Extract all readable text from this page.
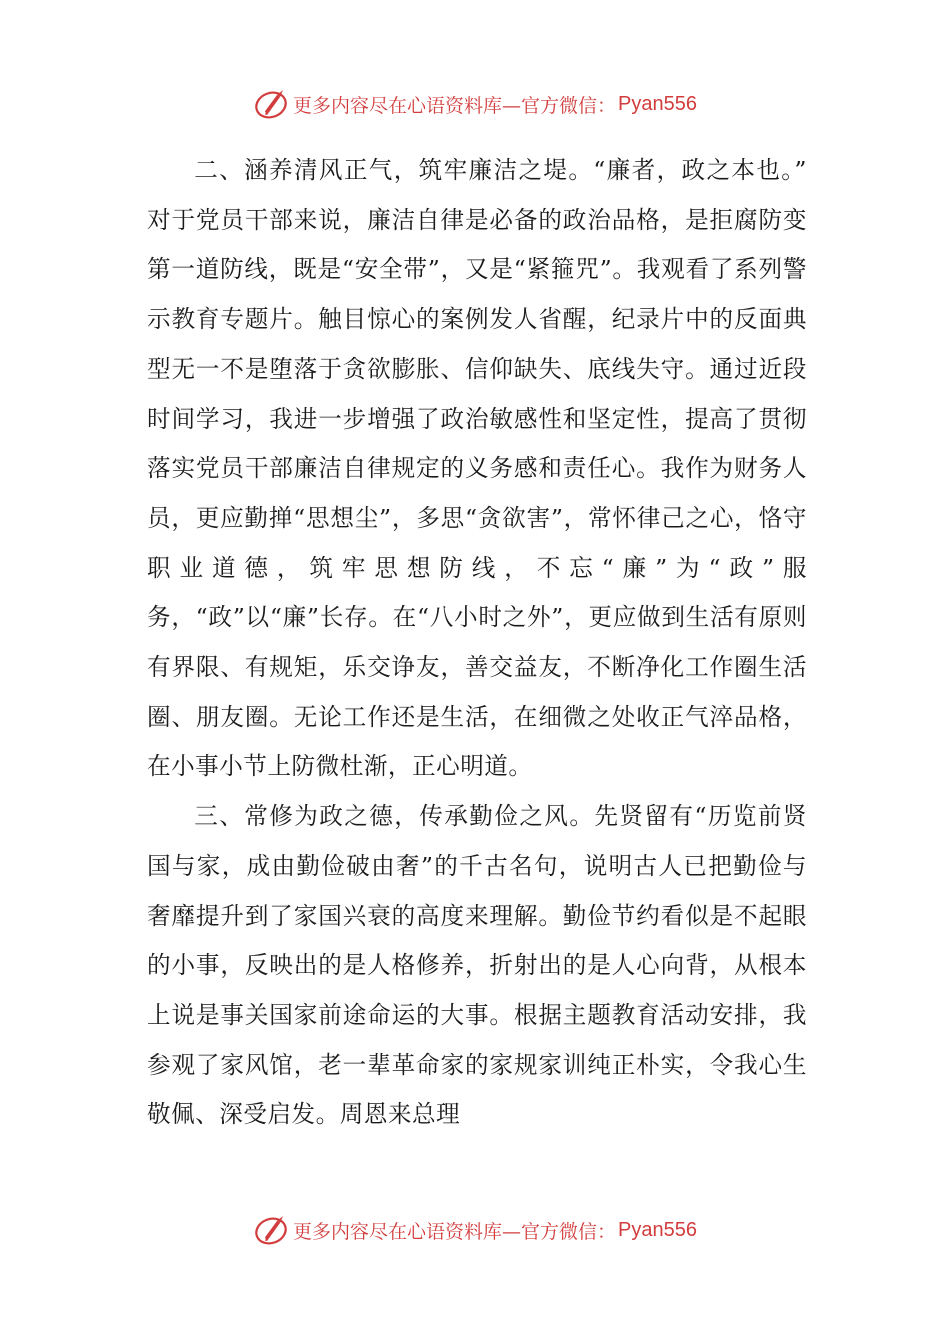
更多内容尽在心语资料库— 官方微信： Pyan556

二、涵养清风正气，筑牢廉洁之堤。“廉者，政之本也。” 对于党员干部来说，廉洁自律是必备的政治品格，是拒腐防变第一道防线，既是“安全带”，又是“紧箍咒”。我观看了系列警示教育专题片。触目惊心的案例发人省醒，纪录片中的反面典型无一不是堕落于贪欲膨胀、信仰缺失、底线失守。通过近段时间学习，我进一步增强了政治敏感性和坚定性，提高了贯彻落实党员干部廉洁自律规定的义务感和责任心。我作为财务人员，更应勤掸“思想尘”，多思“贪欲害”，常怀律己之心，恪守职业道德，筑牢思想防线，不忘“廉”为“政”服务，“政”以“廉”长存。在“八小时之外”，更应做到生活有原则有界限、有规矩，乐交诤友，善交益友，不断净化工作圈生活圈、朋友圈。无论工作还是生活，在细微之处收正气淬品格，在小事小节上防微杜渐，正心明道。

三、常修为政之德，传承勤俭之风。先贤留有“历览前贤国与家，成由勤俭破由奢”的千古名句，说明古人已把勤俭与奢靡提升到了家国兴衰的高度来理解。勤俭节约看似是不起眼的小事，反映出的是人格修养，折射出的是人心向背，从根本上说是事关国家前途命运的大事。根据主题教育活动安排，我参观了家风馆，老一辈革命家的家规家训纯正朴实，令我心生敬佩、深受启发。周恩来总理

更多内容尽在心语资料库— 官方微信： Pyan556
